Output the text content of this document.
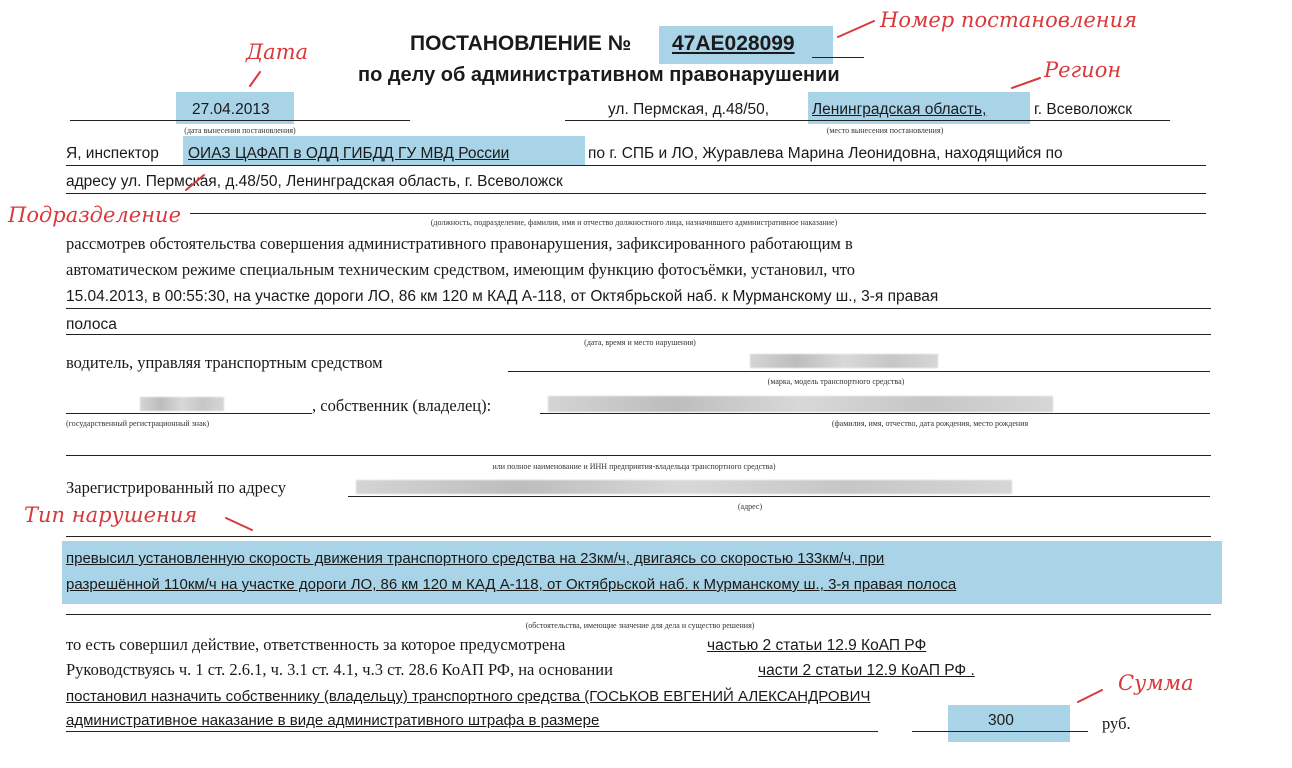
ПОСТАНОВЛЕНИЕ № 47АЕ028099
по делу об административном правонарушении
27.04.2013
(дата вынесения постановления)
ул. Пермская, д.48/50,	Ленинградская область,	г. Всеволожск
(место вынесения постановления)
Я, инспектор ОИАЗ ЦАФАП в ОДД ГИБДД ГУ МВД России	по г. СПБ и ЛО, Журавлева Марина Леонидовна, находящийся по
адресу ул. Пермская, д.48/50, Ленинградская область, г. Всеволожск
(должность, подразделение, фамилия, имя и отчество должностного лица, назначившего административное наказание)
рассмотрев обстоятельства совершения административного правонарушения, зафиксированного работающим в
автоматическом режиме специальным техническим средством, имеющим функцию фотосъёмки, установил, что
15.04.2013, в 00:55:30, на участке дороги ЛО, 86 км 120 м КАД А-118, от Октябрьской наб. к Мурманскому ш., 3-я правая
полоса
(дата, время и место нарушения)
водитель, управляя транспортным средством
(марка, модель транспортного средства)
, собственник (владелец):
(государственный регистрационный знак)	(фамилия, имя, отчество, дата рождения, место рождения
или полное наименование и ИНН предприятия-владельца транспортного средства)
Зарегистрированный по адресу
(адрес)
превысил установленную скорость движения транспортного средства на 23км/ч, двигаясь со скоростью 133км/ч, при
разрешённой 110км/ч на участке дороги ЛО, 86 км 120 м КАД А-118, от Октябрьской наб. к Мурманскому ш., 3-я правая полоса
(обстоятельства, имеющие значение для дела и существо решения)
то есть совершил действие, ответственность за которое предусмотрена	частью 2 статьи 12.9 КоАП РФ
Руководствуясь ч. 1 ст. 2.6.1, ч. 3.1 ст. 4.1, ч.3 ст. 28.6 КоАП РФ, на основании	части 2 статьи 12.9 КоАП РФ .
постановил назначить собственнику (владельцу) транспортного средства (ГОСЬКОВ ЕВГЕНИЙ АЛЕКСАНДРОВИЧ
административное наказание в виде административного штрафа в размере	300	руб.
Номер постановления
Дата
Регион
Подразделение
Тип нарушения
Сумма
